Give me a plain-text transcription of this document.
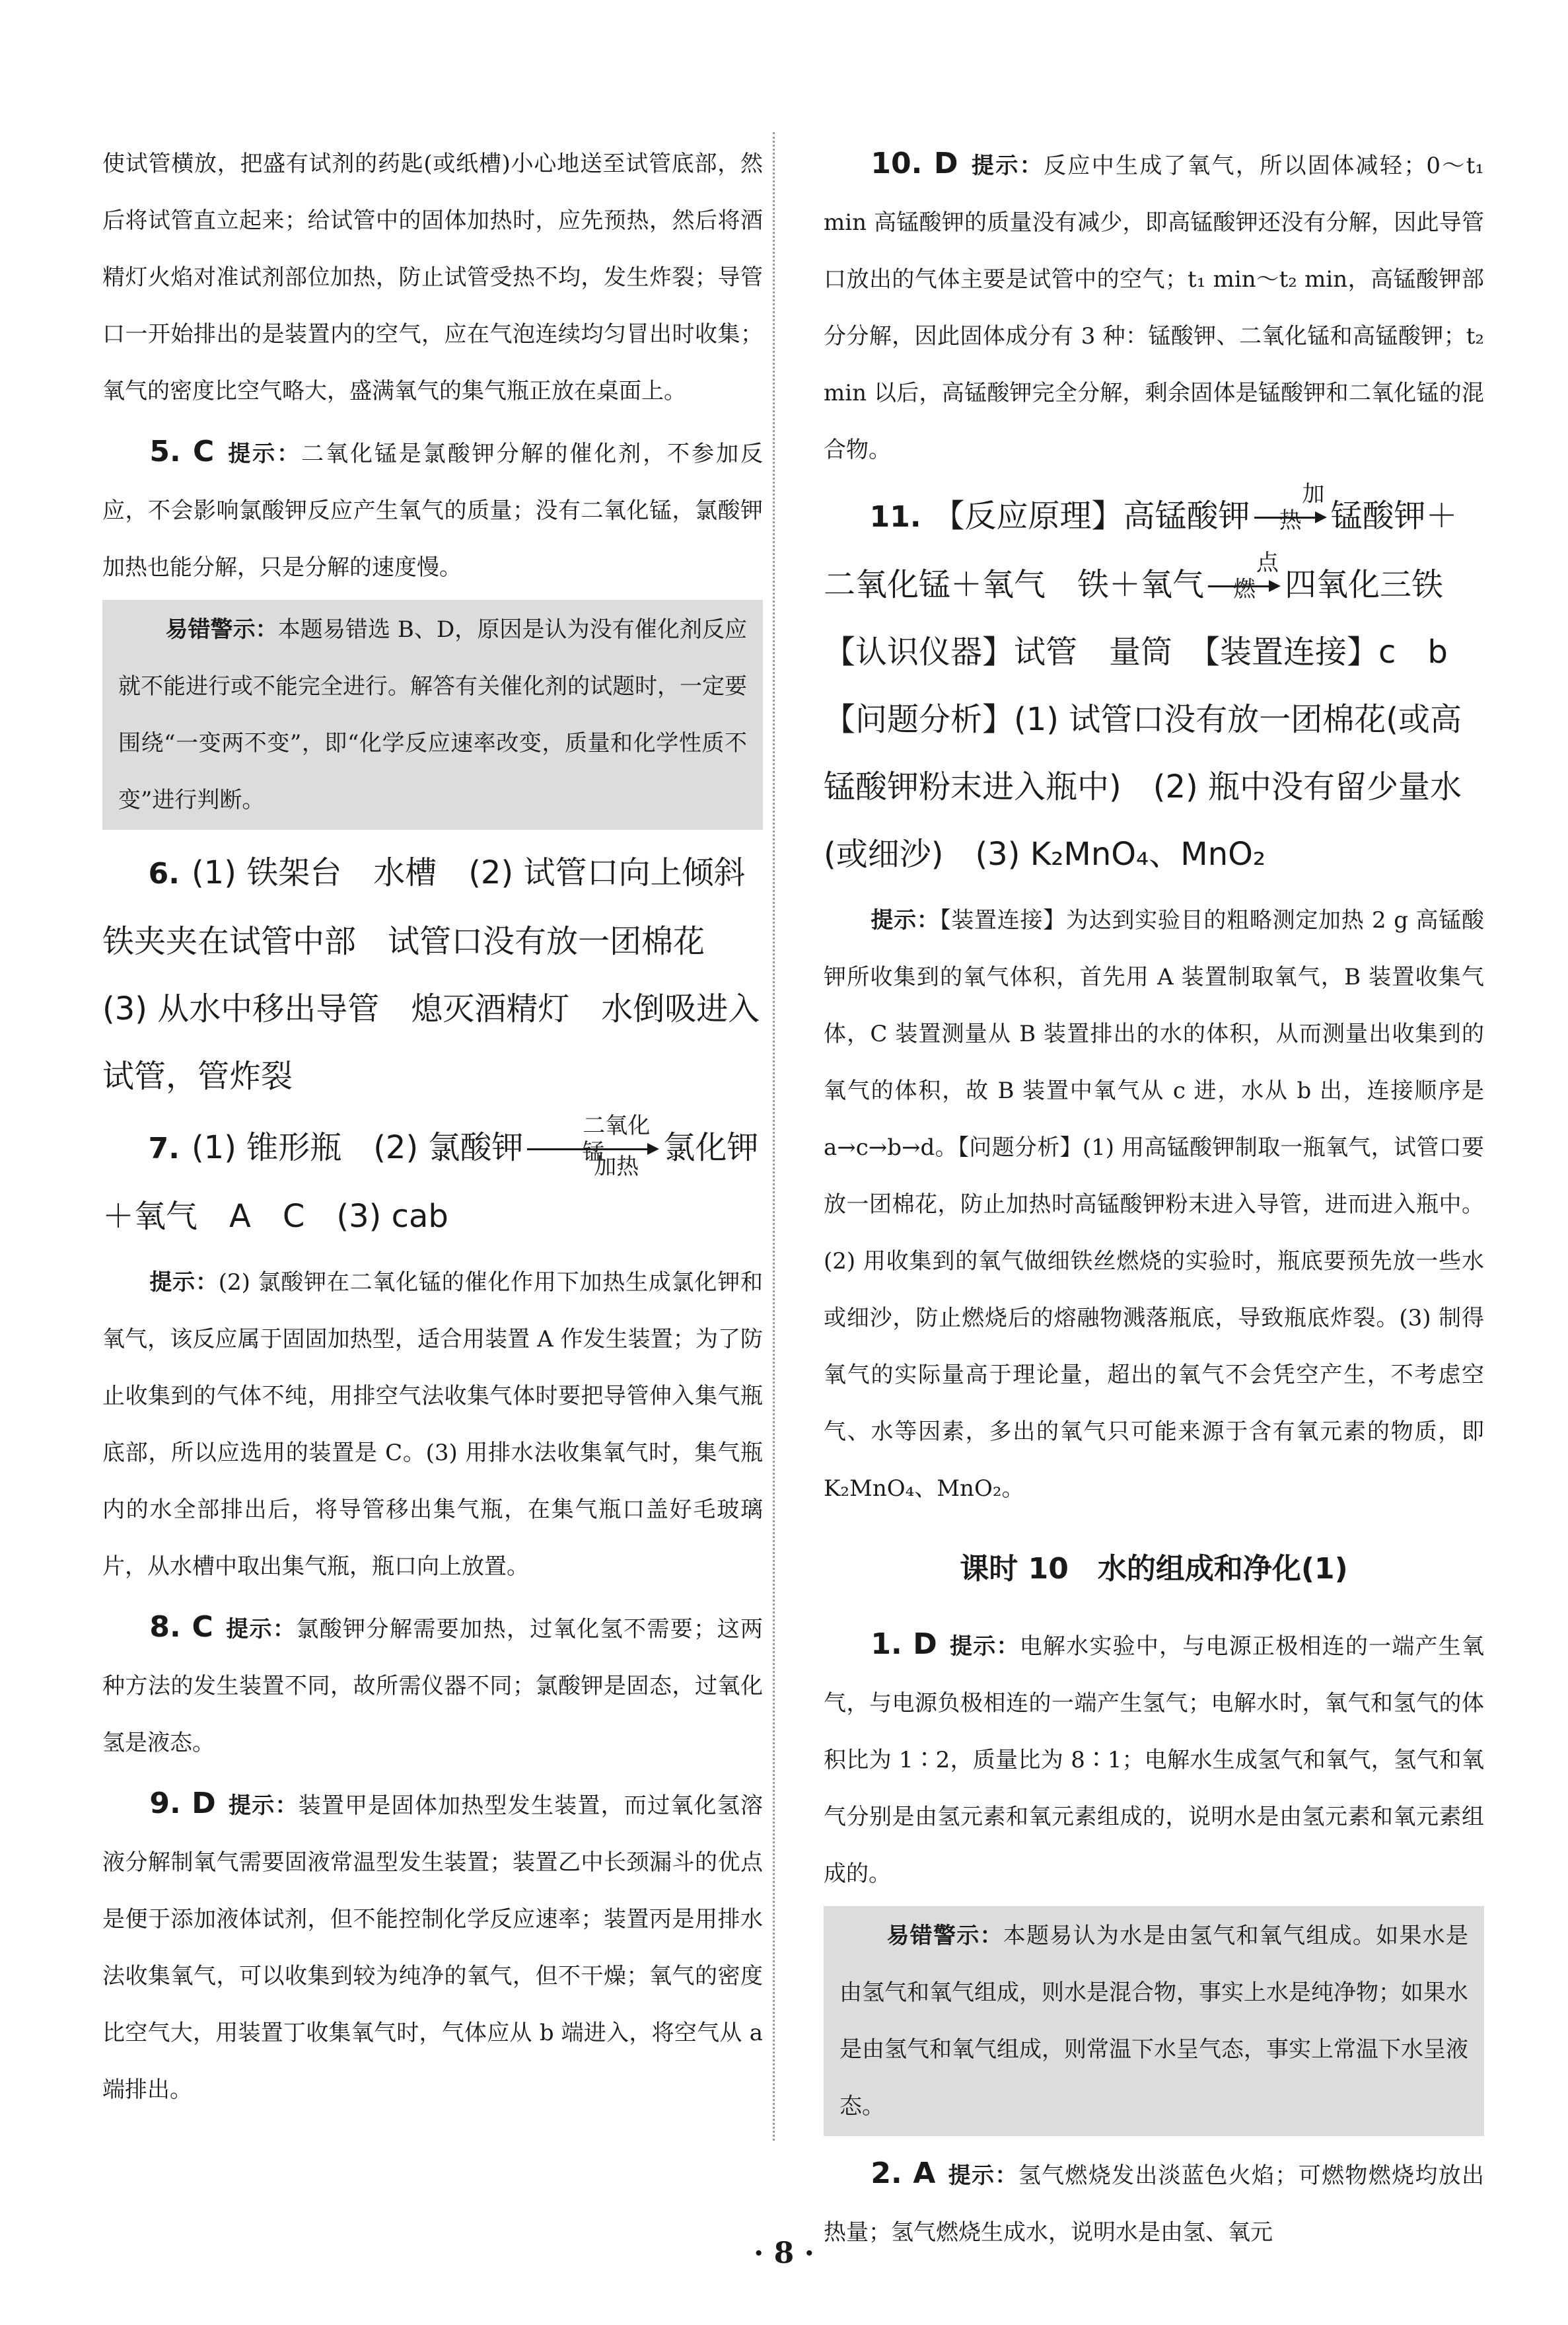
使试管横放，把盛有试剂的药匙(或纸槽)小心地送至试管底部，然后将试管直立起来；给试管中的固体加热时，应先预热，然后将酒精灯火焰对准试剂部位加热，防止试管受热不均，发生炸裂；导管口一开始排出的是装置内的空气，应在气泡连续均匀冒出时收集；氧气的密度比空气略大，盛满氧气的集气瓶正放在桌面上。

5. C 提示：二氧化锰是氯酸钾分解的催化剂，不参加反应，不会影响氯酸钾反应产生氧气的质量；没有二氧化锰，氯酸钾加热也能分解，只是分解的速度慢。

易错警示：本题易错选 B、D，原因是认为没有催化剂反应就不能进行或不能完全进行。解答有关催化剂的试题时，一定要围绕“一变两不变”，即“化学反应速率改变，质量和化学性质不变”进行判断。

6. (1) 铁架台　水槽　(2) 试管口向上倾斜　铁夹夹在试管中部　试管口没有放一团棉花　(3) 从水中移出导管　熄灭酒精灯　水倒吸进入试管，管炸裂

7. (1) 锥形瓶　(2) 氯酸钾
二氧化锰
加热
氯化钾＋氧气　A　C　(3) cab

提示：(2) 氯酸钾在二氧化锰的催化作用下加热生成氯化钾和氧气，该反应属于固固加热型，适合用装置 A 作发生装置；为了防止收集到的气体不纯，用排空气法收集气体时要把导管伸入集气瓶底部，所以应选用的装置是 C。(3) 用排水法收集氧气时，集气瓶内的水全部排出后，将导管移出集气瓶，在集气瓶口盖好毛玻璃片，从水槽中取出集气瓶，瓶口向上放置。

8. C 提示：氯酸钾分解需要加热，过氧化氢不需要；这两种方法的发生装置不同，故所需仪器不同；氯酸钾是固态，过氧化氢是液态。

9. D 提示：装置甲是固体加热型发生装置，而过氧化氢溶液分解制氧气需要固液常温型发生装置；装置乙中长颈漏斗的优点是便于添加液体试剂，但不能控制化学反应速率；装置丙是用排水法收集氧气，可以收集到较为纯净的氧气，但不干燥；氧气的密度比空气大，用装置丁收集氧气时，气体应从 b 端进入，将空气从 a 端排出。

10. D 提示：反应中生成了氧气，所以固体减轻；0～t₁ min 高锰酸钾的质量没有减少，即高锰酸钾还没有分解，因此导管口放出的气体主要是试管中的空气；t₁ min～t₂ min，高锰酸钾部分分解，因此固体成分有 3 种：锰酸钾、二氧化锰和高锰酸钾；t₂ min 以后，高锰酸钾完全分解，剩余固体是锰酸钾和二氧化锰的混合物。

11. 【反应原理】高锰酸钾
加热 锰酸钾＋二氧化锰＋氧气　铁＋氧气
点燃 四氧化三铁　【认识仪器】试管　量筒　【装置连接】c　b　【问题分析】(1) 试管口没有放一团棉花(或高锰酸钾粉末进入瓶中)　(2) 瓶中没有留少量水(或细沙)　(3) K₂MnO₄、MnO₂

提示：【装置连接】为达到实验目的粗略测定加热 2 g 高锰酸钾所收集到的氧气体积，首先用 A 装置制取氧气，B 装置收集气体，C 装置测量从 B 装置排出的水的体积，从而测量出收集到的氧气的体积，故 B 装置中氧气从 c 进，水从 b 出，连接顺序是 a→c→b→d。【问题分析】(1) 用高锰酸钾制取一瓶氧气，试管口要放一团棉花，防止加热时高锰酸钾粉末进入导管，进而进入瓶中。(2) 用收集到的氧气做细铁丝燃烧的实验时，瓶底要预先放一些水或细沙，防止燃烧后的熔融物溅落瓶底，导致瓶底炸裂。(3) 制得氧气的实际量高于理论量，超出的氧气不会凭空产生，不考虑空气、水等因素，多出的氧气只可能来源于含有氧元素的物质，即 K₂MnO₄、MnO₂。

课时 10　水的组成和净化(1)

1. D 提示：电解水实验中，与电源正极相连的一端产生氧气，与电源负极相连的一端产生氢气；电解水时，氧气和氢气的体积比为 1∶2，质量比为 8∶1；电解水生成氢气和氧气，氢气和氧气分别是由氢元素和氧元素组成的，说明水是由氢元素和氧元素组成的。

易错警示：本题易认为水是由氢气和氧气组成。如果水是由氢气和氧气组成，则水是混合物，事实上水是纯净物；如果水是由氢气和氧气组成，则常温下水呈气态，事实上常温下水呈液态。

2. A 提示：氢气燃烧发出淡蓝色火焰；可燃物燃烧均放出热量；氢气燃烧生成水，说明水是由氢、氧元

· 8 ·
